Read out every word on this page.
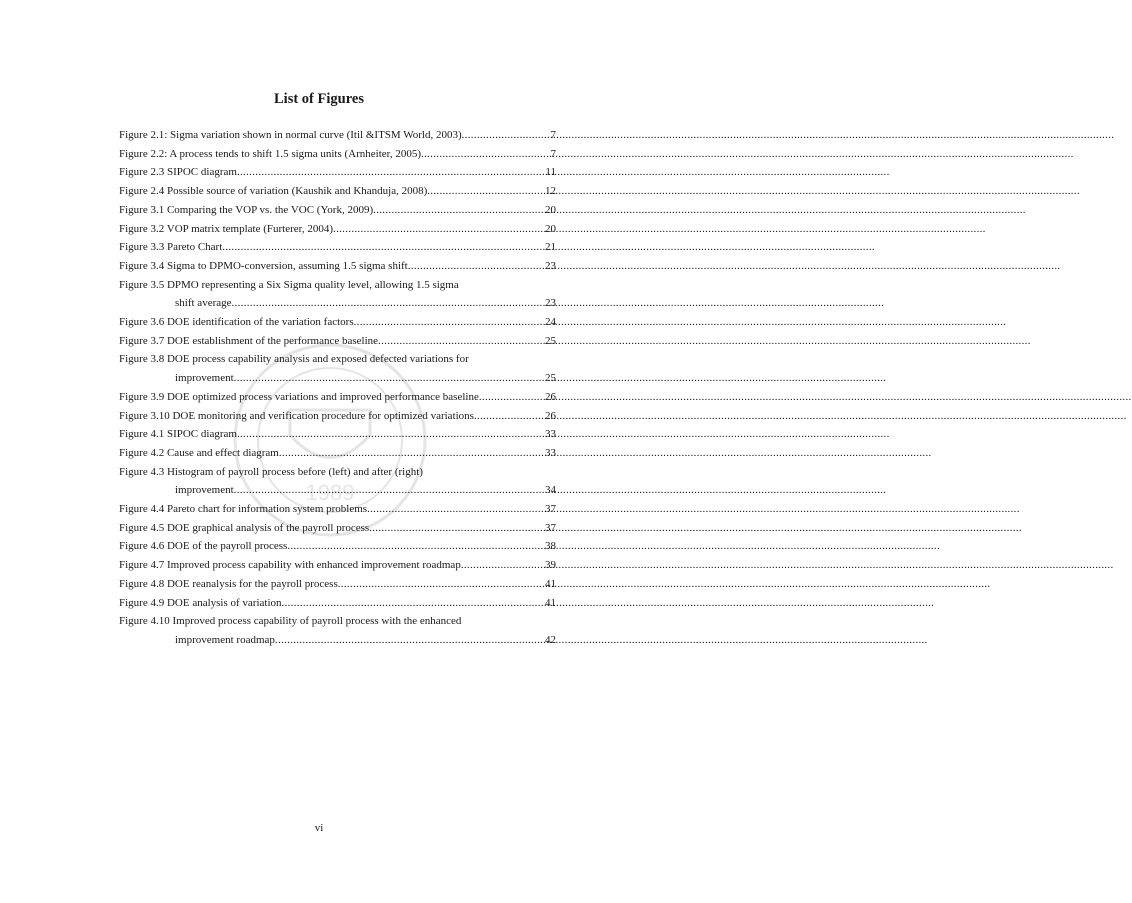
1989
List of Figures
Figure 2.1: Sigma variation shown in normal curve (Itil &ITSM World, 2003) .....	7
Figure 2.2: A process tends to shift 1.5 sigma units (Arnheiter, 2005) .....	7
Figure 2.3 SIPOC diagram .....	11
Figure 2.4 Possible source of variation (Kaushik and Khanduja, 2008) .....	12
Figure 3.1 Comparing the VOP vs. the VOC (York, 2009) .....	20
Figure 3.2 VOP matrix template (Furterer, 2004) .....	20
Figure 3.3 Pareto Chart .....	21
Figure 3.4 Sigma to DPMO-conversion, assuming 1.5 sigma shift .....	23
Figure 3.5 DPMO representing a Six Sigma quality level, allowing 1.5 sigma
shift average .....	23
Figure 3.6 DOE identification of the variation factors .....	24
Figure 3.7 DOE establishment of the performance baseline .....	25
Figure 3.8 DOE process capability analysis and exposed defected variations for
improvement .....	25
Figure 3.9 DOE optimized process variations and improved performance baseline .....	26
Figure 3.10 DOE monitoring and verification procedure for optimized variations .....	26
Figure 4.1 SIPOC diagram .....	33
Figure 4.2 Cause and effect diagram .....	33
Figure 4.3 Histogram of payroll process before (left) and after (right)
improvement .....	34
Figure 4.4 Pareto chart for information system problems .....	37
Figure 4.5 DOE graphical analysis of the payroll process .....	37
Figure 4.6 DOE of the payroll process .....	38
Figure 4.7 Improved process capability with enhanced improvement roadmap .....	39
Figure 4.8 DOE reanalysis for the payroll process .....	41
Figure 4.9 DOE analysis of variation .....	41
Figure 4.10 Improved process capability of payroll process with the enhanced
improvement roadmap .....	42
vi
